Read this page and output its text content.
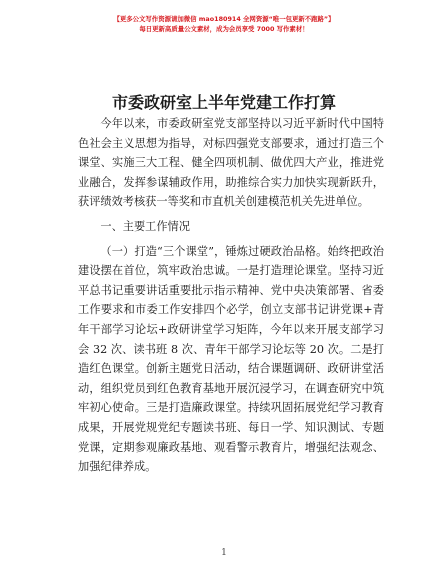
【更多公文写作资源请加微信 mao180914 全网资源“唯一包更新不跑路”】
每日更新高质量公文素材，成为会员享受 7000 写作素材！
市委政研室上半年党建工作打算

今年以来，市委政研室党支部坚持以习近平新时代中国特色社会主义思想为指导，对标四强党支部要求，通过打造三个课堂、实施三大工程、健全四项机制、做优四大产业，推进党业融合，发挥参谋辅政作用，助推综合实力加快实现新跃升，获评绩效考核获一等奖和市直机关创建模范机关先进单位。

一、主要工作情况

（一）打造“三个课堂”，锤炼过硬政治品格。始终把政治建设摆在首位，筑牢政治忠诚。一是打造理论课堂。坚持习近平总书记重要讲话重要批示指示精神、党中央决策部署、省委工作要求和市委工作安排四个必学，创立支部书记讲党课+青年干部学习论坛+政研讲堂学习矩阵，今年以来开展支部学习会 32 次、读书班 8 次、青年干部学习论坛等 20 次。二是打造红色课堂。创新主题党日活动，结合课题调研、政研讲堂活动，组织党员到红色教育基地开展沉浸学习，在调查研究中筑牢初心使命。三是打造廉政课堂。持续巩固拓展党纪学习教育成果，开展党规党纪专题读书班、每日一学、知识测试、专题党课，定期参观廉政基地、观看警示教育片，增强纪法观念、加强纪律养成。

1
